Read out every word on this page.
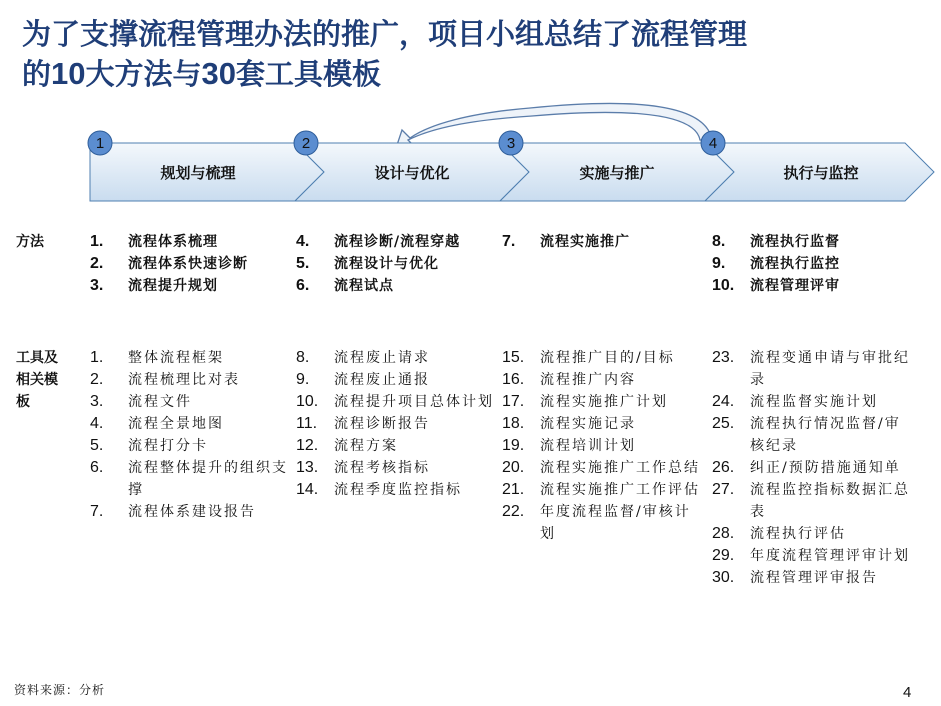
为了支撑流程管理办法的推广，项目小组总结了流程管理
的10大方法与30套工具模板
规划与梳理	设计与优化	实施与推广	执行与监控
1	2	3	4
方法
工具及
相关模
板
1.	流程体系梳理
2.	流程体系快速诊断
3.	流程提升规划
4.	流程诊断/流程穿越
5.	流程设计与优化
6.	流程试点
7.	流程实施推广	8.	流程执行监督
9.	流程执行监控
10.	流程管理评审
1.	整体流程框架
2.	流程梳理比对表
3.	流程文件
4.	流程全景地图
5.	流程打分卡
6.	流程整体提升的组织支撑
7.	流程体系建设报告
8.	流程废止请求
9.	流程废止通报
10.	流程提升项目总体计划
11.	流程诊断报告
12.	流程方案
13.	流程考核指标
14.	流程季度监控指标
15.	流程推广目的/目标
16.	流程推广内容
17.	流程实施推广计划
18.	流程实施记录
19.	流程培训计划
20.	流程实施推广工作总结
21.	流程实施推广工作评估
22.	年度流程监督/审核计划
23.	流程变通申请与审批纪录
24.	流程监督实施计划
25.	流程执行情况监督/审核纪录
26.	纠正/预防措施通知单
27.	流程监控指标数据汇总表
28.	流程执行评估
29.	年度流程管理评审计划
30.	流程管理评审报告
资料来源：分析	4
